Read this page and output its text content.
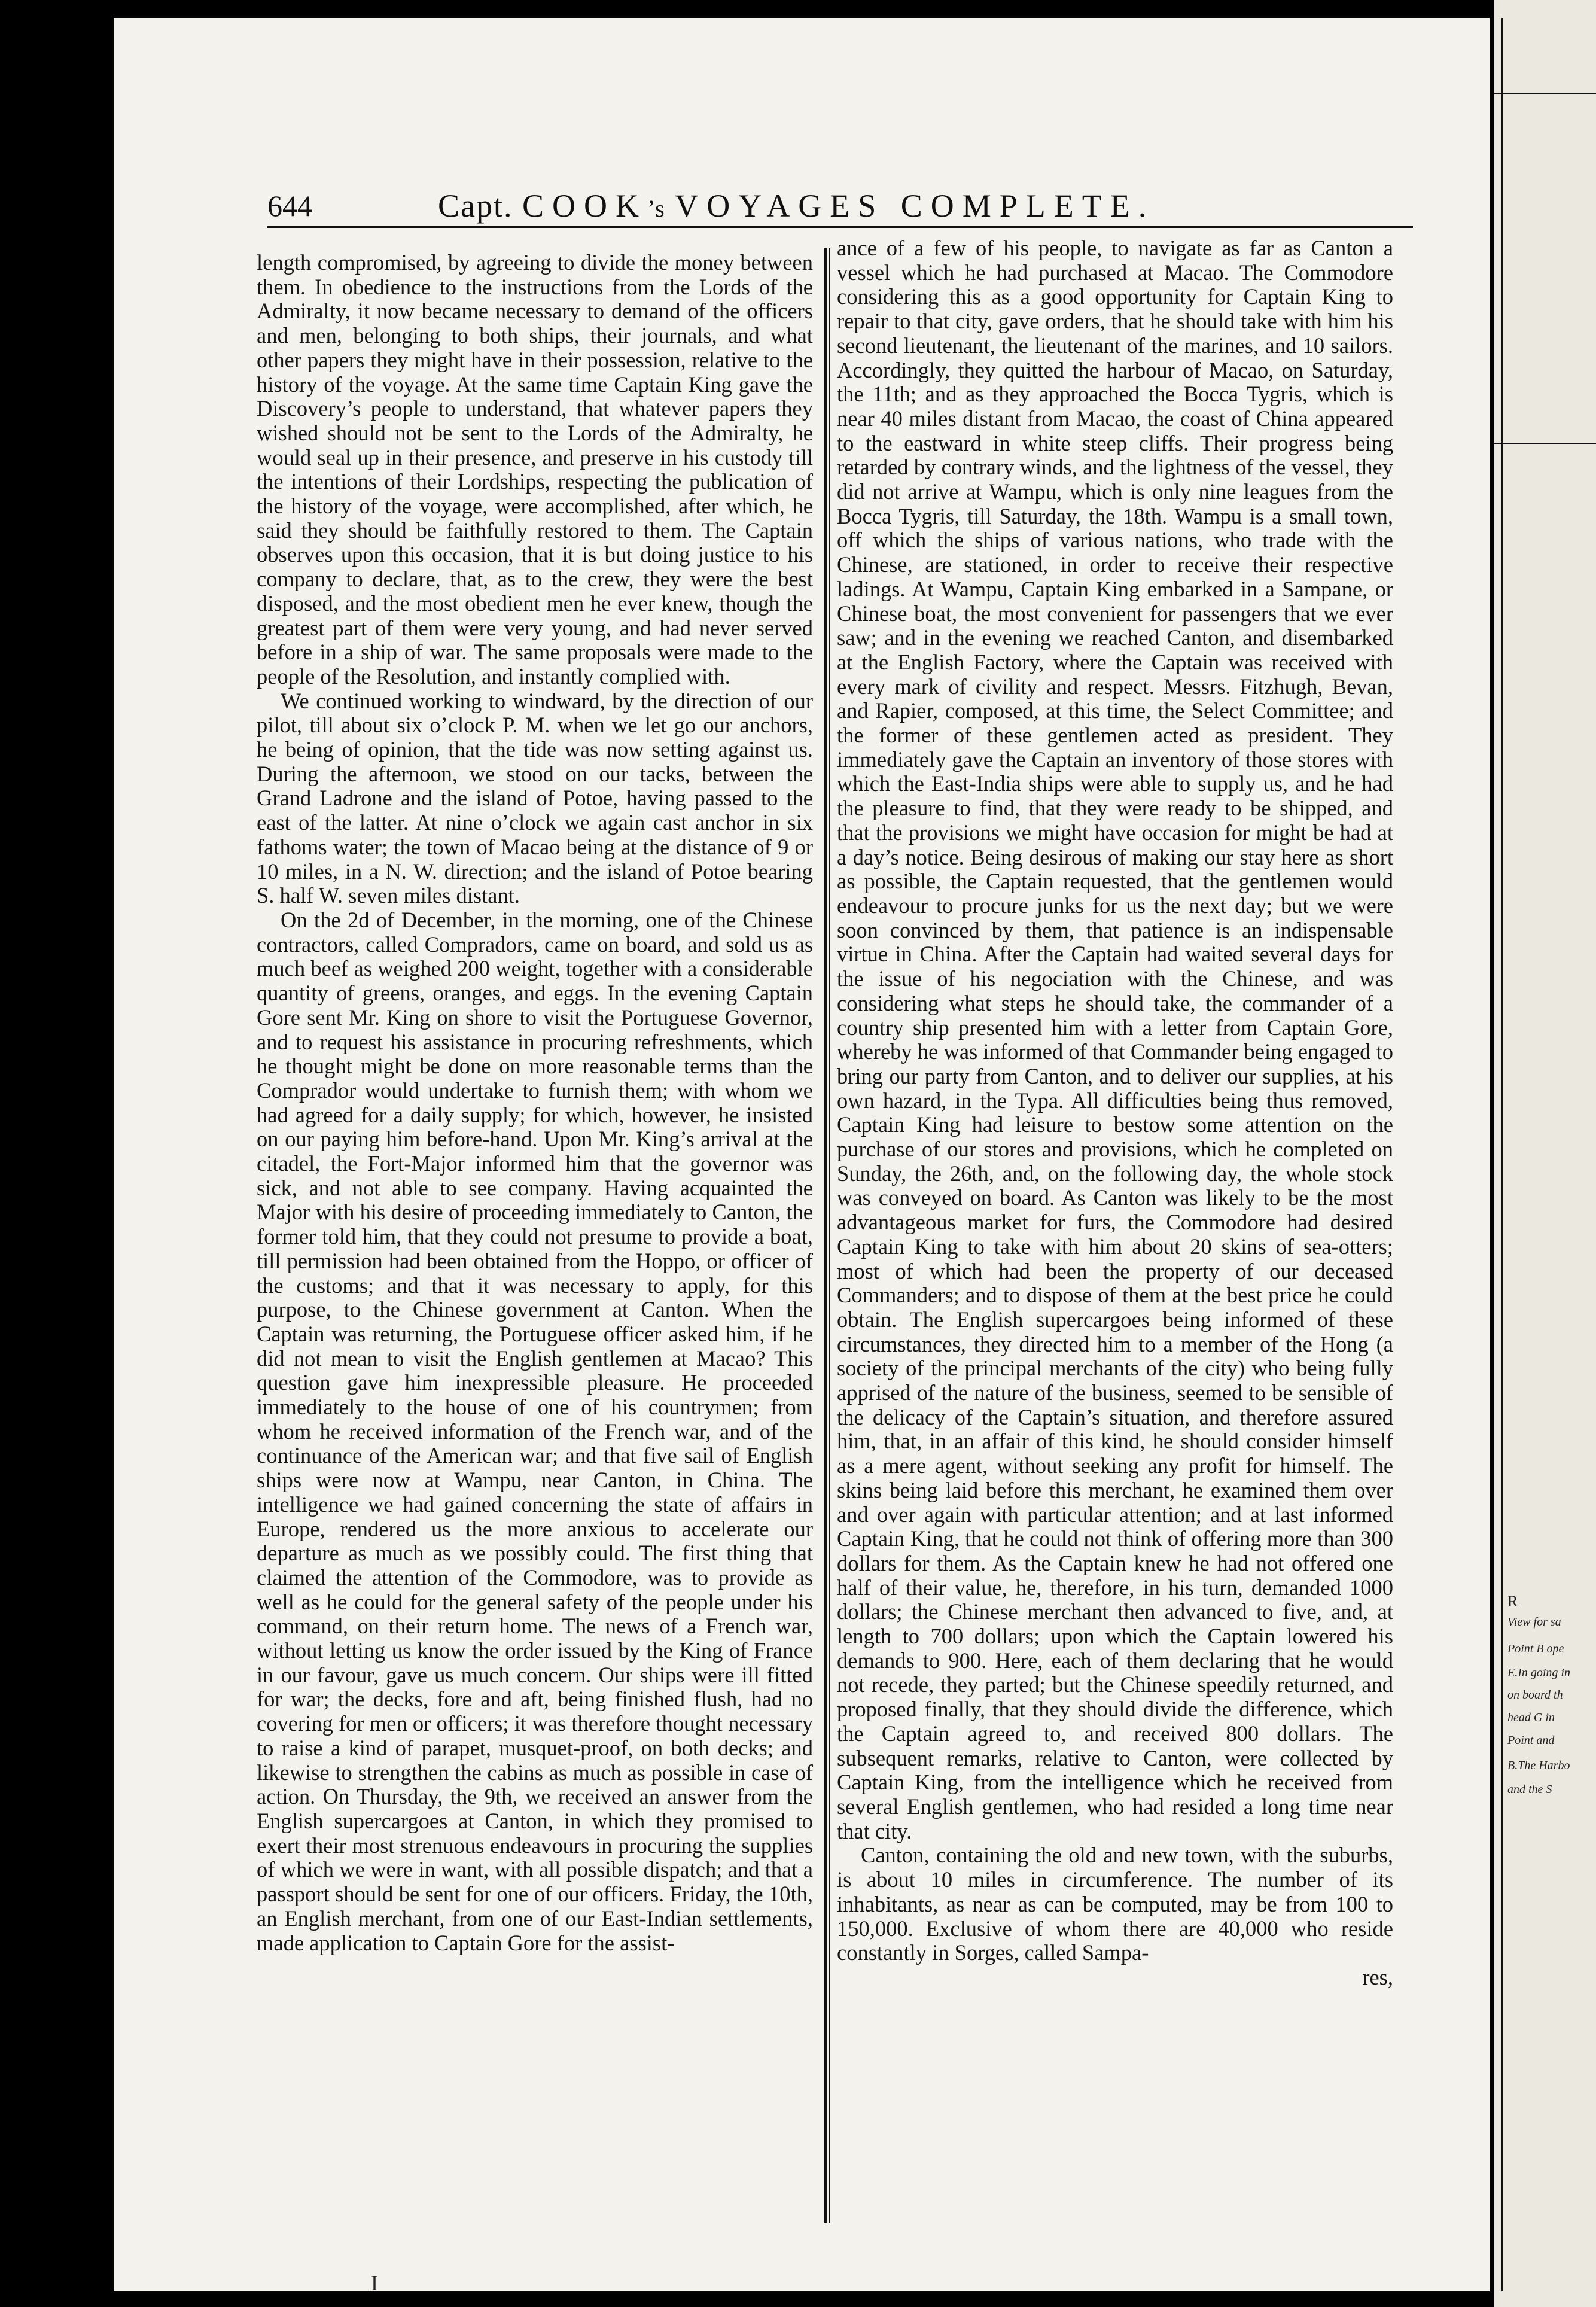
R
View for sa
Point B ope
E.In going in
on board th
head G in
Point and
B.The Harbo
and the S
644	Capt. COOK’s VOYAGES COMPLETE.

length compromised, by agreeing to divide the money between them. In obedience to the instructions from the Lords of the Admiralty, it now became necessary to demand of the officers and men, belonging to both ships, their journals, and what other papers they might have in their possession, relative to the history of the voyage. At the same time Captain King gave the Discovery’s people to understand, that whatever papers they wished should not be sent to the Lords of the Admiralty, he would seal up in their presence, and preserve in his custody till the intentions of their Lordships, respecting the publication of the history of the voyage, were accomplished, after which, he said they should be faithfully restored to them. The Captain observes upon this occasion, that it is but doing justice to his company to declare, that, as to the crew, they were the best disposed, and the most obedient men he ever knew, though the greatest part of them were very young, and had never served before in a ship of war. The same proposals were made to the people of the Resolution, and instantly complied with.

We continued working to windward, by the direction of our pilot, till about six o’clock P. M. when we let go our anchors, he being of opinion, that the tide was now setting against us. During the afternoon, we stood on our tacks, between the Grand Ladrone and the island of Potoe, having passed to the east of the latter. At nine o’clock we again cast anchor in six fathoms water; the town of Macao being at the distance of 9 or 10 miles, in a N. W. direction; and the island of Potoe bearing S. half W. seven miles distant.

On the 2d of December, in the morning, one of the Chinese contractors, called Compradors, came on board, and sold us as much beef as weighed 200 weight, together with a considerable quantity of greens, oranges, and eggs. In the evening Captain Gore sent Mr. King on shore to visit the Portuguese Governor, and to request his assistance in procuring refreshments, which he thought might be done on more reasonable terms than the Comprador would undertake to furnish them; with whom we had agreed for a daily supply; for which, however, he insisted on our paying him before-hand. Upon Mr. King’s arrival at the citadel, the Fort-Major informed him that the governor was sick, and not able to see company. Having acquainted the Major with his desire of proceeding immediately to Canton, the former told him, that they could not presume to provide a boat, till permission had been obtained from the Hoppo, or officer of the customs; and that it was necessary to apply, for this purpose, to the Chinese government at Canton. When the Captain was returning, the Portuguese officer asked him, if he did not mean to visit the English gentlemen at Macao? This question gave him inexpressible pleasure. He proceeded immediately to the house of one of his countrymen; from whom he received information of the French war, and of the continuance of the American war; and that five sail of English ships were now at Wampu, near Canton, in China. The intelligence we had gained concerning the state of affairs in Europe, rendered us the more anxious to accelerate our departure as much as we possibly could. The first thing that claimed the attention of the Commodore, was to provide as well as he could for the general safety of the people under his command, on their return home. The news of a French war, without letting us know the order issued by the King of France in our favour, gave us much concern. Our ships were ill fitted for war; the decks, fore and aft, being finished flush, had no covering for men or officers; it was therefore thought necessary to raise a kind of parapet, musquet-proof, on both decks; and likewise to strengthen the cabins as much as possible in case of action. On Thursday, the 9th, we received an answer from the English supercargoes at Canton, in which they promised to exert their most strenuous endeavours in procuring the supplies of which we were in want, with all possible dispatch; and that a passport should be sent for one of our officers. Friday, the 10th, an English merchant, from one of our East-Indian settlements, made application to Captain Gore for the assist-

ance of a few of his people, to navigate as far as Canton a vessel which he had purchased at Macao. The Commodore considering this as a good opportunity for Captain King to repair to that city, gave orders, that he should take with him his second lieutenant, the lieutenant of the marines, and 10 sailors. Accordingly, they quitted the harbour of Macao, on Saturday, the 11th; and as they approached the Bocca Tygris, which is near 40 miles distant from Macao, the coast of China appeared to the eastward in white steep cliffs. Their progress being retarded by contrary winds, and the lightness of the vessel, they did not arrive at Wampu, which is only nine leagues from the Bocca Tygris, till Saturday, the 18th. Wampu is a small town, off which the ships of various nations, who trade with the Chinese, are stationed, in order to receive their respective ladings. At Wampu, Captain King embarked in a Sampane, or Chinese boat, the most convenient for passengers that we ever saw; and in the evening we reached Canton, and disembarked at the English Factory, where the Captain was received with every mark of civility and respect. Messrs. Fitzhugh, Bevan, and Rapier, composed, at this time, the Select Committee; and the former of these gentlemen acted as president. They immediately gave the Captain an inventory of those stores with which the East-India ships were able to supply us, and he had the pleasure to find, that they were ready to be shipped, and that the provisions we might have occasion for might be had at a day’s notice. Being desirous of making our stay here as short as possible, the Captain requested, that the gentlemen would endeavour to procure junks for us the next day; but we were soon convinced by them, that patience is an indispensable virtue in China. After the Captain had waited several days for the issue of his negociation with the Chinese, and was considering what steps he should take, the commander of a country ship presented him with a letter from Captain Gore, whereby he was informed of that Commander being engaged to bring our party from Canton, and to deliver our supplies, at his own hazard, in the Typa. All difficulties being thus removed, Captain King had leisure to bestow some attention on the purchase of our stores and provisions, which he completed on Sunday, the 26th, and, on the following day, the whole stock was conveyed on board. As Canton was likely to be the most advantageous market for furs, the Commodore had desired Captain King to take with him about 20 skins of sea-otters; most of which had been the property of our deceased Commanders; and to dispose of them at the best price he could obtain. The English supercargoes being informed of these circumstances, they directed him to a member of the Hong (a society of the principal merchants of the city) who being fully apprised of the nature of the business, seemed to be sensible of the delicacy of the Captain’s situation, and therefore assured him, that, in an affair of this kind, he should consider himself as a mere agent, without seeking any profit for himself. The skins being laid before this merchant, he examined them over and over again with particular attention; and at last informed Captain King, that he could not think of offering more than 300 dollars for them. As the Captain knew he had not offered one half of their value, he, therefore, in his turn, demanded 1000 dollars; the Chinese merchant then advanced to five, and, at length to 700 dollars; upon which the Captain lowered his demands to 900. Here, each of them declaring that he would not recede, they parted; but the Chinese speedily returned, and proposed finally, that they should divide the difference, which the Captain agreed to, and received 800 dollars. The subsequent remarks, relative to Canton, were collected by Captain King, from the intelligence which he received from several English gentlemen, who had resided a long time near that city.

Canton, containing the old and new town, with the suburbs, is about 10 miles in circumference. The number of its inhabitants, as near as can be computed, may be from 100 to 150,000. Exclusive of whom there are 40,000 who reside constantly in Sorges, called Sampa-

res,

I
